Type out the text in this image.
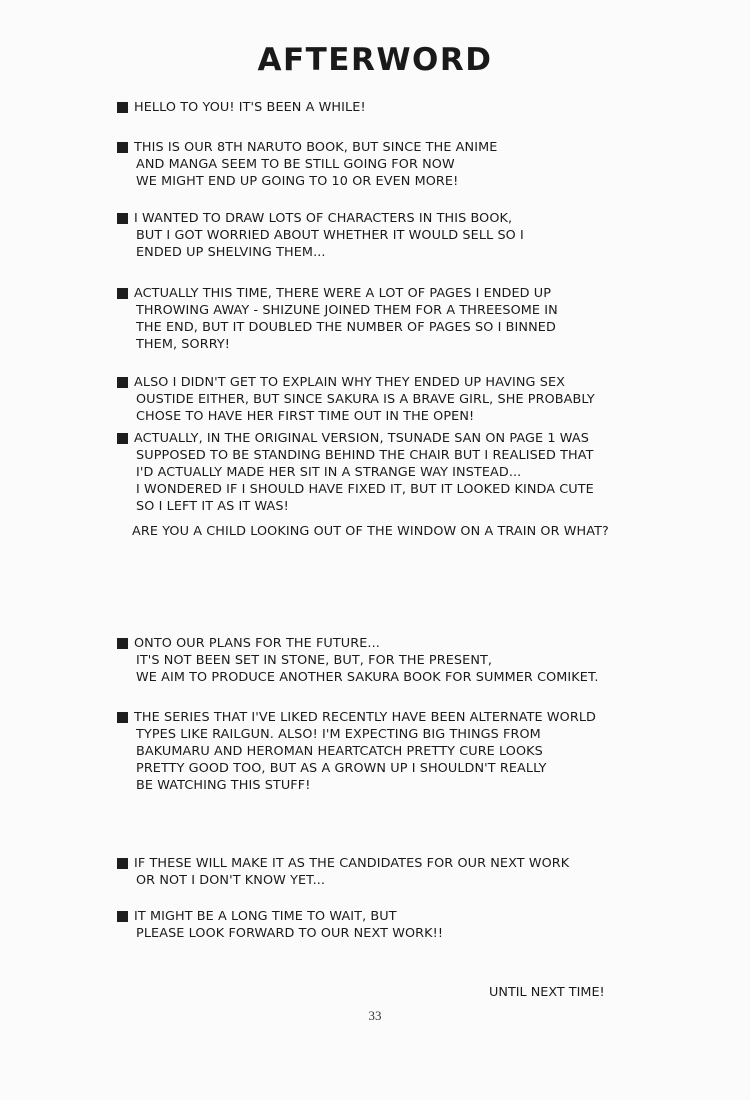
AFTERWORD
HELLO TO YOU! IT'S BEEN A WHILE!
THIS IS OUR 8TH NARUTO BOOK, BUT SINCE THE ANIME
AND MANGA SEEM TO BE STILL GOING FOR NOW
WE MIGHT END UP GOING TO 10 OR EVEN MORE!
I WANTED TO DRAW LOTS OF CHARACTERS IN THIS BOOK,
BUT I GOT WORRIED ABOUT WHETHER IT WOULD SELL SO I
ENDED UP SHELVING THEM...
ACTUALLY THIS TIME, THERE WERE A LOT OF PAGES I ENDED UP
THROWING AWAY - SHIZUNE JOINED THEM FOR A THREESOME IN
THE END, BUT IT DOUBLED THE NUMBER OF PAGES SO I BINNED
THEM, SORRY!
ALSO I DIDN'T GET TO EXPLAIN WHY THEY ENDED UP HAVING SEX
OUSTIDE EITHER, BUT SINCE SAKURA IS A BRAVE GIRL, SHE PROBABLY
CHOSE TO HAVE HER FIRST TIME OUT IN THE OPEN!
ACTUALLY, IN THE ORIGINAL VERSION, TSUNADE SAN ON PAGE 1 WAS
SUPPOSED TO BE STANDING BEHIND THE CHAIR BUT I REALISED THAT
I'D ACTUALLY MADE HER SIT IN A STRANGE WAY INSTEAD...
I WONDERED IF I SHOULD HAVE FIXED IT, BUT IT LOOKED KINDA CUTE
SO I LEFT IT AS IT WAS!
ARE YOU A CHILD LOOKING OUT OF THE WINDOW ON A TRAIN OR WHAT?
ONTO OUR PLANS FOR THE FUTURE...
IT'S NOT BEEN SET IN STONE, BUT, FOR THE PRESENT,
WE AIM TO PRODUCE ANOTHER SAKURA BOOK FOR SUMMER COMIKET.
THE SERIES THAT I'VE LIKED RECENTLY HAVE BEEN ALTERNATE WORLD
TYPES LIKE RAILGUN. ALSO! I'M EXPECTING BIG THINGS FROM
BAKUMARU AND HEROMAN HEARTCATCH PRETTY CURE LOOKS
PRETTY GOOD TOO, BUT AS A GROWN UP I SHOULDN'T REALLY
BE WATCHING THIS STUFF!
IF THESE WILL MAKE IT AS THE CANDIDATES FOR OUR NEXT WORK
OR NOT I DON'T KNOW YET...
IT MIGHT BE A LONG TIME TO WAIT, BUT
PLEASE LOOK FORWARD TO OUR NEXT WORK!!
UNTIL NEXT TIME!
33
